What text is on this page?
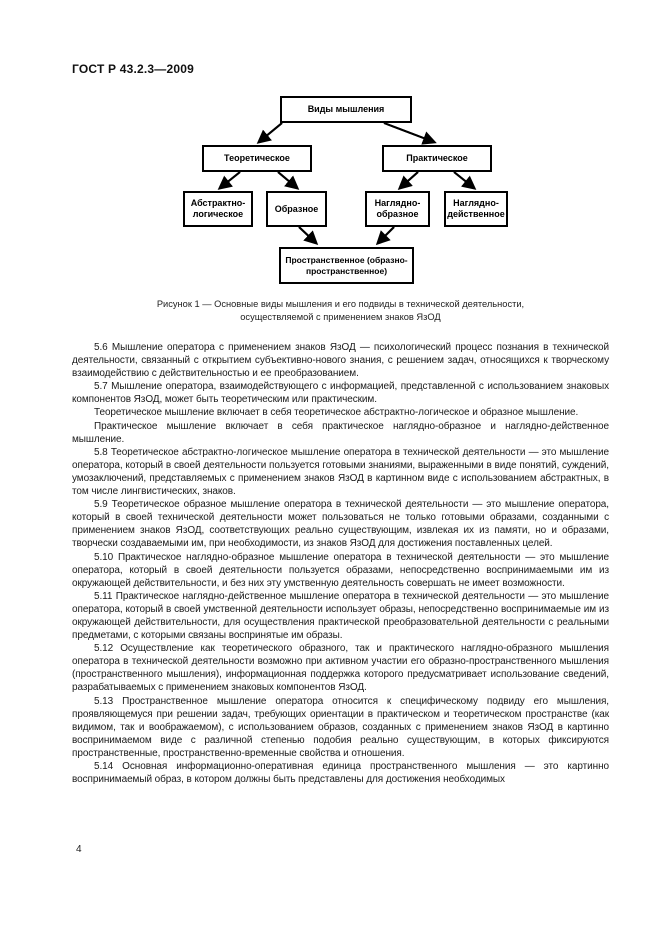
ГОСТ Р 43.2.3—2009
Виды мышления
Теоретическое	Практическое
Абстрактно-логическое
Образное
Наглядно-образное
Наглядно-действенное
Пространственное (образно-пространственное)
Рисунок 1 — Основные виды мышления и его подвиды в технической деятельности,
осуществляемой с применением знаков ЯзОД

5.6 Мышление оператора с применением знаков ЯзОД — психологический процесс познания в технической деятельности, связанный с открытием субъективно-нового знания, с решением задач, относящихся к творческому взаимодействию с действительностью и ее преобразованием.

5.7 Мышление оператора, взаимодействующего с информацией, представленной с использованием знаковых компонентов ЯзОД, может быть теоретическим или практическим.

Теоретическое мышление включает в себя теоретическое абстрактно-логическое и образное мышление.

Практическое мышление включает в себя практическое наглядно-образное и наглядно-действенное мышление.

5.8 Теоретическое абстрактно-логическое мышление оператора в технической деятельности — это мышление оператора, который в своей деятельности пользуется готовыми знаниями, выраженными в виде понятий, суждений, умозаключений, представляемых с применением знаков ЯзОД в картинном виде с использованием абстрактных, в том числе лингвистических, знаков.

5.9 Теоретическое образное мышление оператора в технической деятельности — это мышление оператора, который в своей технической деятельности может пользоваться не только готовыми образами, созданными с применением знаков ЯзОД, соответствующих реально существующим, извлекая их из памяти, но и образами, творчески создаваемыми им, при необходимости, из знаков ЯзОД для достижения поставленных целей.

5.10 Практическое наглядно-образное мышление оператора в технической деятельности — это мышление оператора, который в своей деятельности пользуется образами, непосредственно воспринимаемыми им из окружающей действительности, и без них эту умственную деятельность совершать не имеет возможности.

5.11 Практическое наглядно-действенное мышление оператора в технической деятельности — это мышление оператора, который в своей умственной деятельности использует образы, непосредственно воспринимаемые им из окружающей действительности, для осуществления практической преобразовательной деятельности с реальными предметами, с которыми связаны воспринятые им образы.

5.12 Осуществление как теоретического образного, так и практического наглядно-образного мышления оператора в технической деятельности возможно при активном участии его образно-пространственного мышления (пространственного мышления), информационная поддержка которого предусматривает использование сведений, разрабатываемых с применением знаковых компонентов ЯзОД.

5.13 Пространственное мышление оператора относится к специфическому подвиду его мышления, проявляющемуся при решении задач, требующих ориентации в практическом и теоретическом пространстве (как видимом, так и воображаемом), с использованием образов, созданных с применением знаков ЯзОД в картинно воспринимаемом виде с различной степенью подобия реально существующим, в которых фиксируются пространственные, пространственно-временные свойства и отношения.

5.14 Основная информационно-оперативная единица пространственного мышления — это картинно воспринимаемый образ, в котором должны быть представлены для достижения необходимых

4
